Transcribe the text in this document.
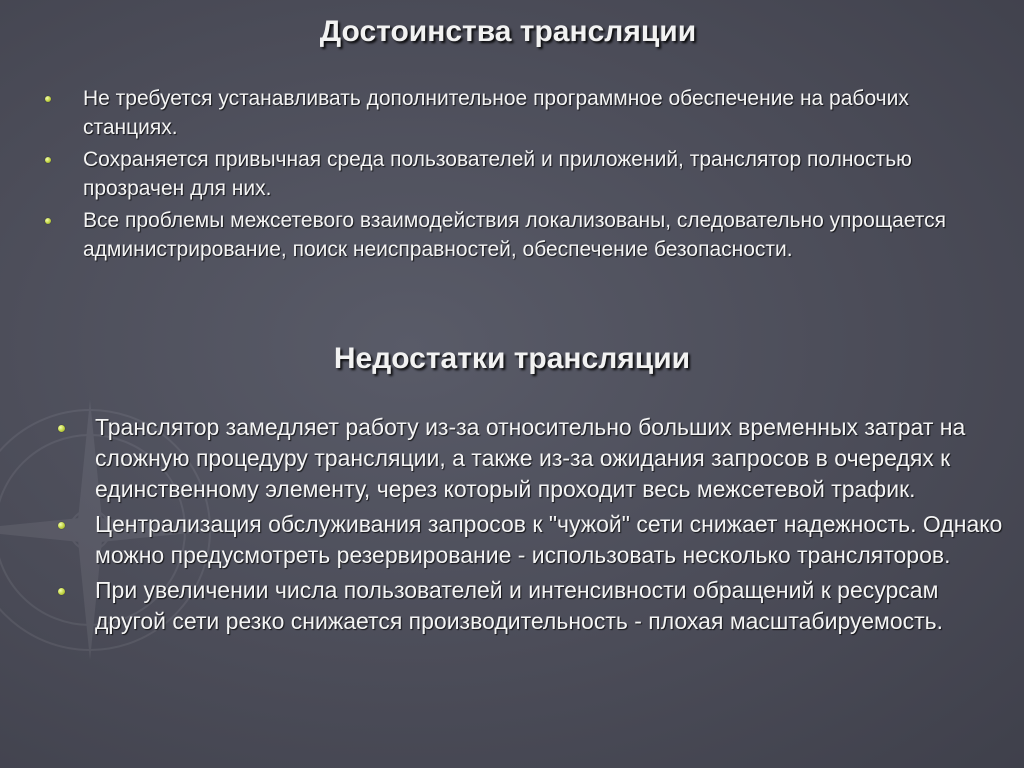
Достоинства трансляции
Не требуется устанавливать дополнительное программное обеспечение на рабочих станциях.
Сохраняется привычная среда пользователей и приложений, транслятор полностью прозрачен для них.
Все проблемы межсетевого взаимодействия локализованы, следовательно упрощается администрирование, поиск неисправностей, обеспечение безопасности.
Недостатки трансляции
Транслятор замедляет работу из-за относительно больших временных затрат на сложную процедуру трансляции, а также из-за ожидания запросов в очередях к единственному элементу, через который проходит весь межсетевой трафик.
Централизация обслуживания запросов к "чужой" сети снижает надежность. Однако можно предусмотреть резервирование - использовать несколько трансляторов.
При увеличении числа пользователей и интенсивности обращений к ресурсам другой сети резко снижается производительность - плохая масштабируемость.
